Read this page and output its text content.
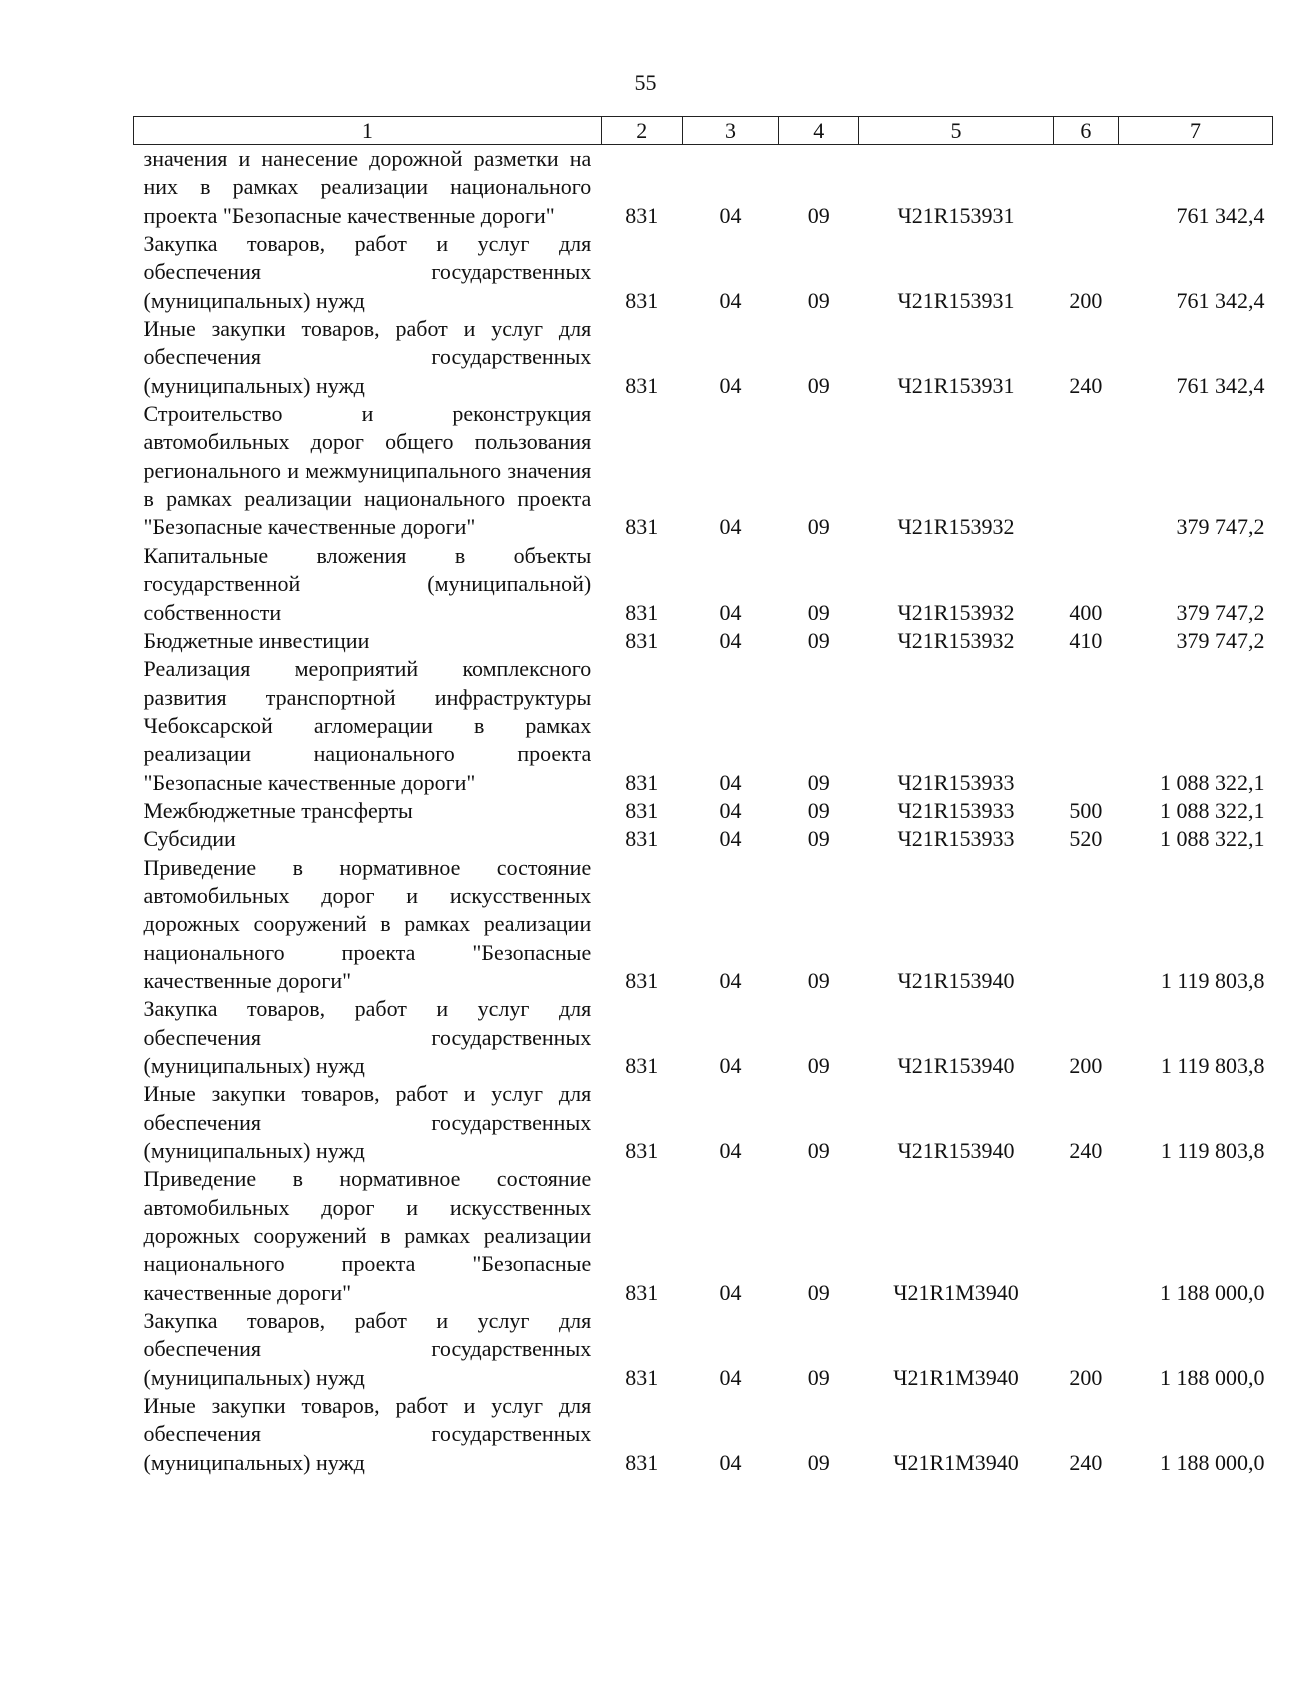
55
1	2	3	4	5	6	7
значения и нанесение дорожной разметки на них в рамках реализации национального проекта "Безопасные качественные дороги"	831	04	09	Ч21R153931		761 342,4
Закупка товаров, работ и услуг для обеспечения государственных (муниципальных) нужд	831	04	09	Ч21R153931	200	761 342,4
Иные закупки товаров, работ и услуг для обеспечения государственных (муниципальных) нужд	831	04	09	Ч21R153931	240	761 342,4
Строительство и реконструкция автомобильных дорог общего пользования регионального и межмуниципального значения в рамках реализации национального проекта "Безопасные качественные дороги"	831	04	09	Ч21R153932		379 747,2
Капитальные вложения в объекты государственной (муниципальной) собственности	831	04	09	Ч21R153932	400	379 747,2
Бюджетные инвестиции	831	04	09	Ч21R153932	410	379 747,2
Реализация мероприятий комплексного развития транспортной инфраструктуры Чебоксарской агломерации в рамках реализации национального проекта "Безопасные качественные дороги"	831	04	09	Ч21R153933		1 088 322,1
Межбюджетные трансферты	831	04	09	Ч21R153933	500	1 088 322,1
Субсидии	831	04	09	Ч21R153933	520	1 088 322,1
Приведение в нормативное состояние автомобильных дорог и искусственных дорожных сооружений в рамках реализации национального проекта "Безопасные качественные дороги"	831	04	09	Ч21R153940		1 119 803,8
Закупка товаров, работ и услуг для обеспечения государственных (муниципальных) нужд	831	04	09	Ч21R153940	200	1 119 803,8
Иные закупки товаров, работ и услуг для обеспечения государственных (муниципальных) нужд	831	04	09	Ч21R153940	240	1 119 803,8
Приведение в нормативное состояние автомобильных дорог и искусственных дорожных сооружений в рамках реализации национального проекта "Безопасные качественные дороги"	831	04	09	Ч21R1M3940		1 188 000,0
Закупка товаров, работ и услуг для обеспечения государственных (муниципальных) нужд	831	04	09	Ч21R1M3940	200	1 188 000,0
Иные закупки товаров, работ и услуг для обеспечения государственных (муниципальных) нужд	831	04	09	Ч21R1M3940	240	1 188 000,0
